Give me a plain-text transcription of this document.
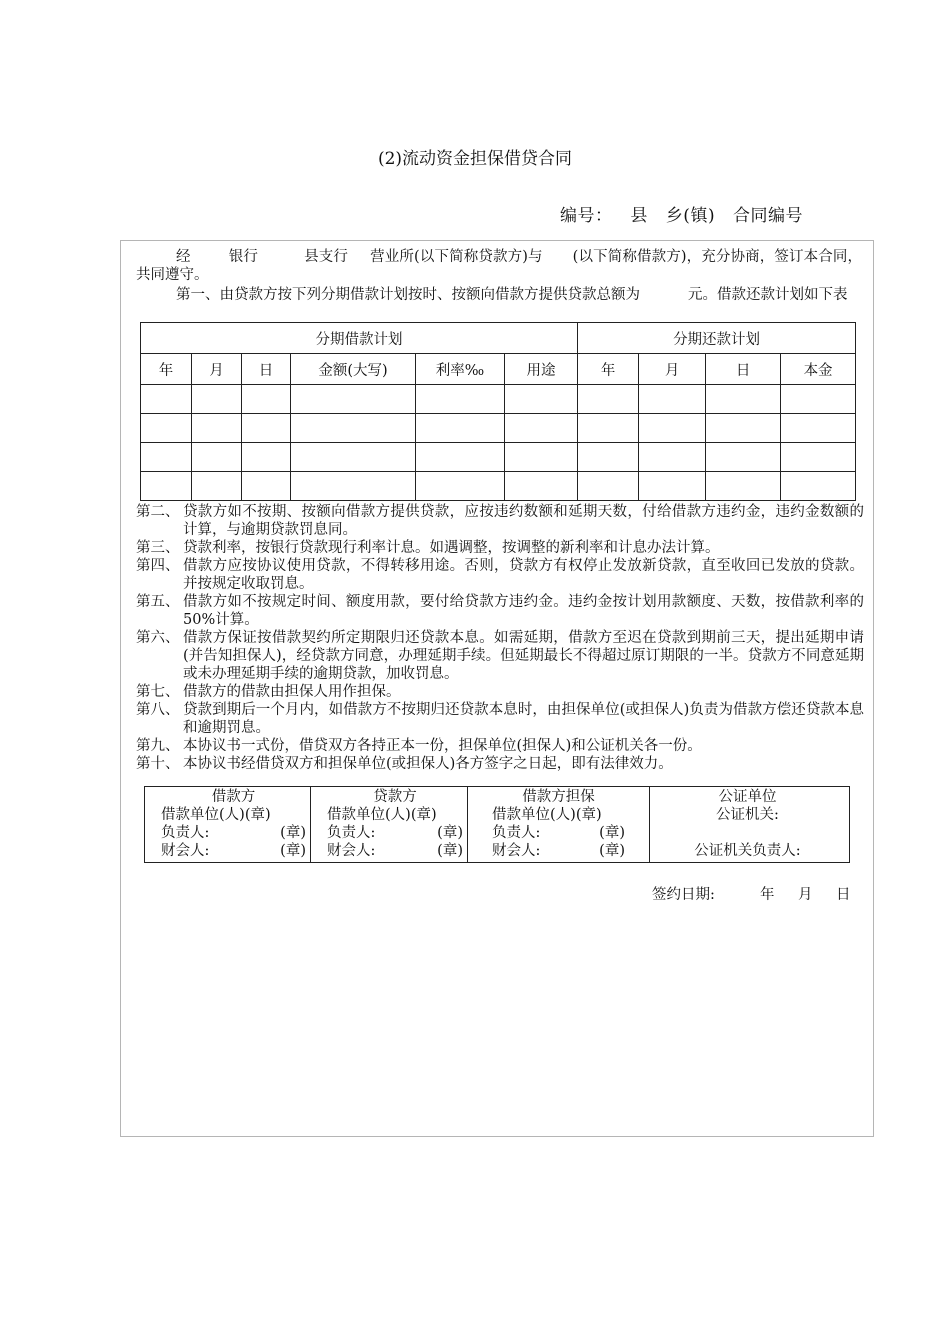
(2)流动资金担保借贷合同
编号： 县 乡(镇) 合同编号
经	银行	县支行 营业所(以下简称贷款方)与 (以下简称借款方)，充分协商，签订本合同，共同遵守。
第一、由贷款方按下列分期借款计划按时、按额向借款方提供贷款总额为	元。借款还款计划如下表
分期借款计划						分期还款计划			
年	月	日	金额(大写)	利率‰	用途	年	月	日	本金

第二、 贷款方如不按期、按额向借款方提供贷款，应按违约数额和延期天数，付给借款方违约金，违约金数额的计算，与逾期贷款罚息同。
第三、 贷款利率，按银行贷款现行利率计息。如遇调整，按调整的新利率和计息办法计算。
第四、 借款方应按协议使用贷款，不得转移用途。否则，贷款方有权停止发放新贷款，直至收回已发放的贷款。并按规定收取罚息。
第五、 借款方如不按规定时间、额度用款，要付给贷款方违约金。违约金按计划用款额度、天数，按借款利率的50%计算。
第六、 借款方保证按借款契约所定期限归还贷款本息。如需延期，借款方至迟在贷款到期前三天，提出延期申请(并告知担保人)，经贷款方同意，办理延期手续。但延期最长不得超过原订期限的一半。贷款方不同意延期或未办理延期手续的逾期贷款，加收罚息。
第七、 借款方的借款由担保人用作担保。
第八、 贷款到期后一个月内，如借款方不按期归还贷款本息时，由担保单位(或担保人)负责为借款方偿还贷款本息和逾期罚息。
第九、 本协议书一式份，借贷双方各持正本一份，担保单位(担保人)和公证机关各一份。
第十、 本协议书经借贷双方和担保单位(或担保人)各方签字之日起，即有法律效力。
借款方
借款单位(人)(章)
负责人:	(章)
财会人:	(章)

贷款方
借款单位(人)(章)
负责人:	(章)
财会人:	(章)

借款方担保
借款单位(人)(章)
负责人:	(章)
财会人:	(章)

公证单位
公证机关:
公证机关负责人:
签约日期:	年	月	日
